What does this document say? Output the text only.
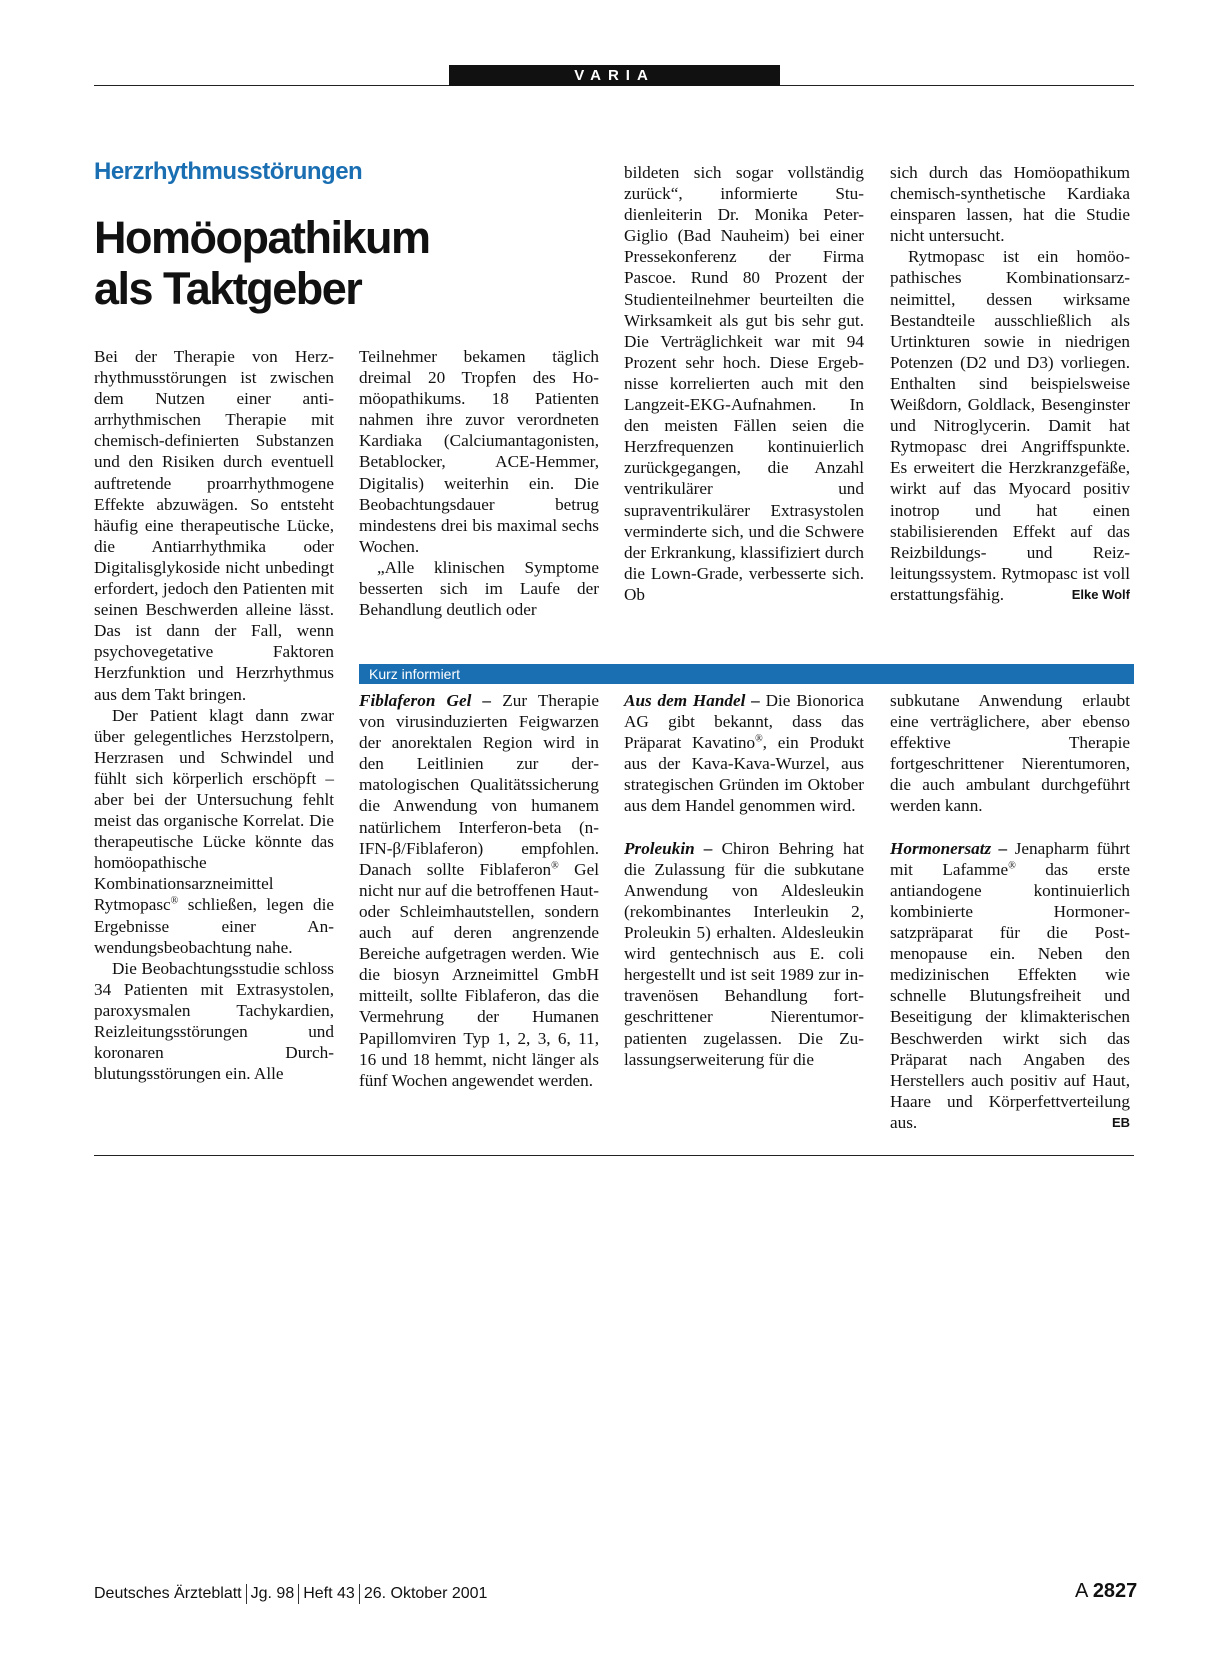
VARIA
Herzrhythmusstörungen
Homöopathikum
als Taktgeber

Bei der Therapie von Herzrhythmusstörungen ist zwischen dem Nutzen einer antiarrhythmischen Therapie mit chemisch-definierten Substanzen und den Risiken durch eventuell auftretende proarrhythmogene Effekte abzuwägen. So entsteht häufig eine therapeutische Lücke, die Antiarrhythmika oder Digitalisglykoside nicht unbedingt erfordert, jedoch den Patienten mit seinen Beschwerden alleine lässt. Das ist dann der Fall, wenn psychovegetative Faktoren Herzfunktion und Herzrhythmus aus dem Takt bringen.

Der Patient klagt dann zwar über gelegentliches Herzstolpern, Herzrasen und Schwindel und fühlt sich körperlich erschöpft – aber bei der Untersuchung fehlt meist das organische Korrelat. Die therapeutische Lücke könnte das homöopathische Kombinationsarzneimittel Rytmopasc® schließen, legen die Ergebnisse einer Anwendungsbeobachtung nahe.

Die Beobachtungsstudie schloss 34 Patienten mit Extrasystolen, paroxysmalen Tachykardien, Reizleitungsstörungen und koronaren Durchblutungsstörungen ein. Alle

Teilnehmer bekamen täglich dreimal 20 Tropfen des Homöopathikums. 18 Patienten nahmen ihre zuvor verordneten Kardiaka (Calciumantagonisten, Betablocker, ACE-Hemmer, Digitalis) weiterhin ein. Die Beobachtungsdauer betrug mindestens drei bis maximal sechs Wochen.

„Alle klinischen Symptome besserten sich im Laufe der Behandlung deutlich oder

bildeten sich sogar vollständig zurück“, informierte Studienleiterin Dr. Monika Peter-Giglio (Bad Nauheim) bei einer Pressekonferenz der Firma Pascoe. Rund 80 Prozent der Studienteilnehmer beurteilten die Wirksamkeit als gut bis sehr gut. Die Verträglichkeit war mit 94 Prozent sehr hoch. Diese Ergebnisse korrelierten auch mit den Langzeit-EKG-Aufnahmen. In den meisten Fällen seien die Herzfrequenzen kontinuierlich zurückgegangen, die Anzahl ventrikulärer und supraventrikulärer Extrasystolen verminderte sich, und die Schwere der Erkrankung, klassifiziert durch die Lown-Grade, verbesserte sich. Ob

sich durch das Homöopathikum chemisch-synthetische Kardiaka einsparen lassen, hat die Studie nicht untersucht.

Rytmopasc ist ein homöopathisches Kombinationsarzneimittel, dessen wirksame Bestandteile ausschließlich als Urtinkturen sowie in niedrigen Potenzen (D2 und D3) vorliegen. Enthalten sind beispielsweise Weißdorn, Goldlack, Besenginster und Nitroglycerin. Damit hat Rytmopasc drei Angriffspunkte. Es erweitert die Herzkranzgefäße, wirkt auf das Myocard positiv inotrop und hat einen stabilisierenden Effekt auf das Reizbildungs- und Reizleitungssystem. Rytmopasc ist voll erstattungsfähig.	Elke Wolf

Kurz informiert

Fiblaferon Gel – Zur Therapie von virusinduzierten Feigwarzen der anorektalen Region wird in den Leitlinien zur dermatologischen Qualitätssicherung die Anwendung von humanem natürlichem Interferon-beta (n-IFN-β/Fiblaferon) empfohlen. Danach sollte Fiblaferon® Gel nicht nur auf die betroffenen Haut- oder Schleimhautstellen, sondern auch auf deren angrenzende Bereiche aufgetragen werden. Wie die biosyn Arzneimittel GmbH mitteilt, sollte Fiblaferon, das die Vermehrung der Humanen Papillomviren Typ 1, 2, 3, 6, 11, 16 und 18 hemmt, nicht länger als fünf Wochen angewendet werden.

Aus dem Handel – Die Bionorica AG gibt bekannt, dass das Präparat Kavatino®, ein Produkt aus der Kava-Kava-Wurzel, aus strategischen Gründen im Oktober aus dem Handel genommen wird.

Proleukin – Chiron Behring hat die Zulassung für die subkutane Anwendung von Aldesleukin (rekombinantes Interleukin 2, Proleukin 5) erhalten. Aldesleukin wird gentechnisch aus E. coli hergestellt und ist seit 1989 zur intravenösen Behandlung fortgeschrittener Nierentumorpatienten zugelassen. Die Zulassungserweiterung für die

subkutane Anwendung erlaubt eine verträglichere, aber ebenso effektive Therapie fortgeschrittener Nierentumoren, die auch ambulant durchgeführt werden kann.

Hormonersatz – Jenapharm führt mit Lafamme® das erste antiandogene kontinuierlich kombinierte Hormonersatzpräparat für die Postmenopause ein. Neben den medizinischen Effekten wie schnelle Blutungsfreiheit und Beseitigung der klimakterischen Beschwerden wirkt sich das Präparat nach Angaben des Herstellers auch positiv auf Haut, Haare und Körperfettverteilung aus.	EB

Deutsches Ärzteblatt Jg. 98 Heft 43 26. Oktober 2001	A 2827
